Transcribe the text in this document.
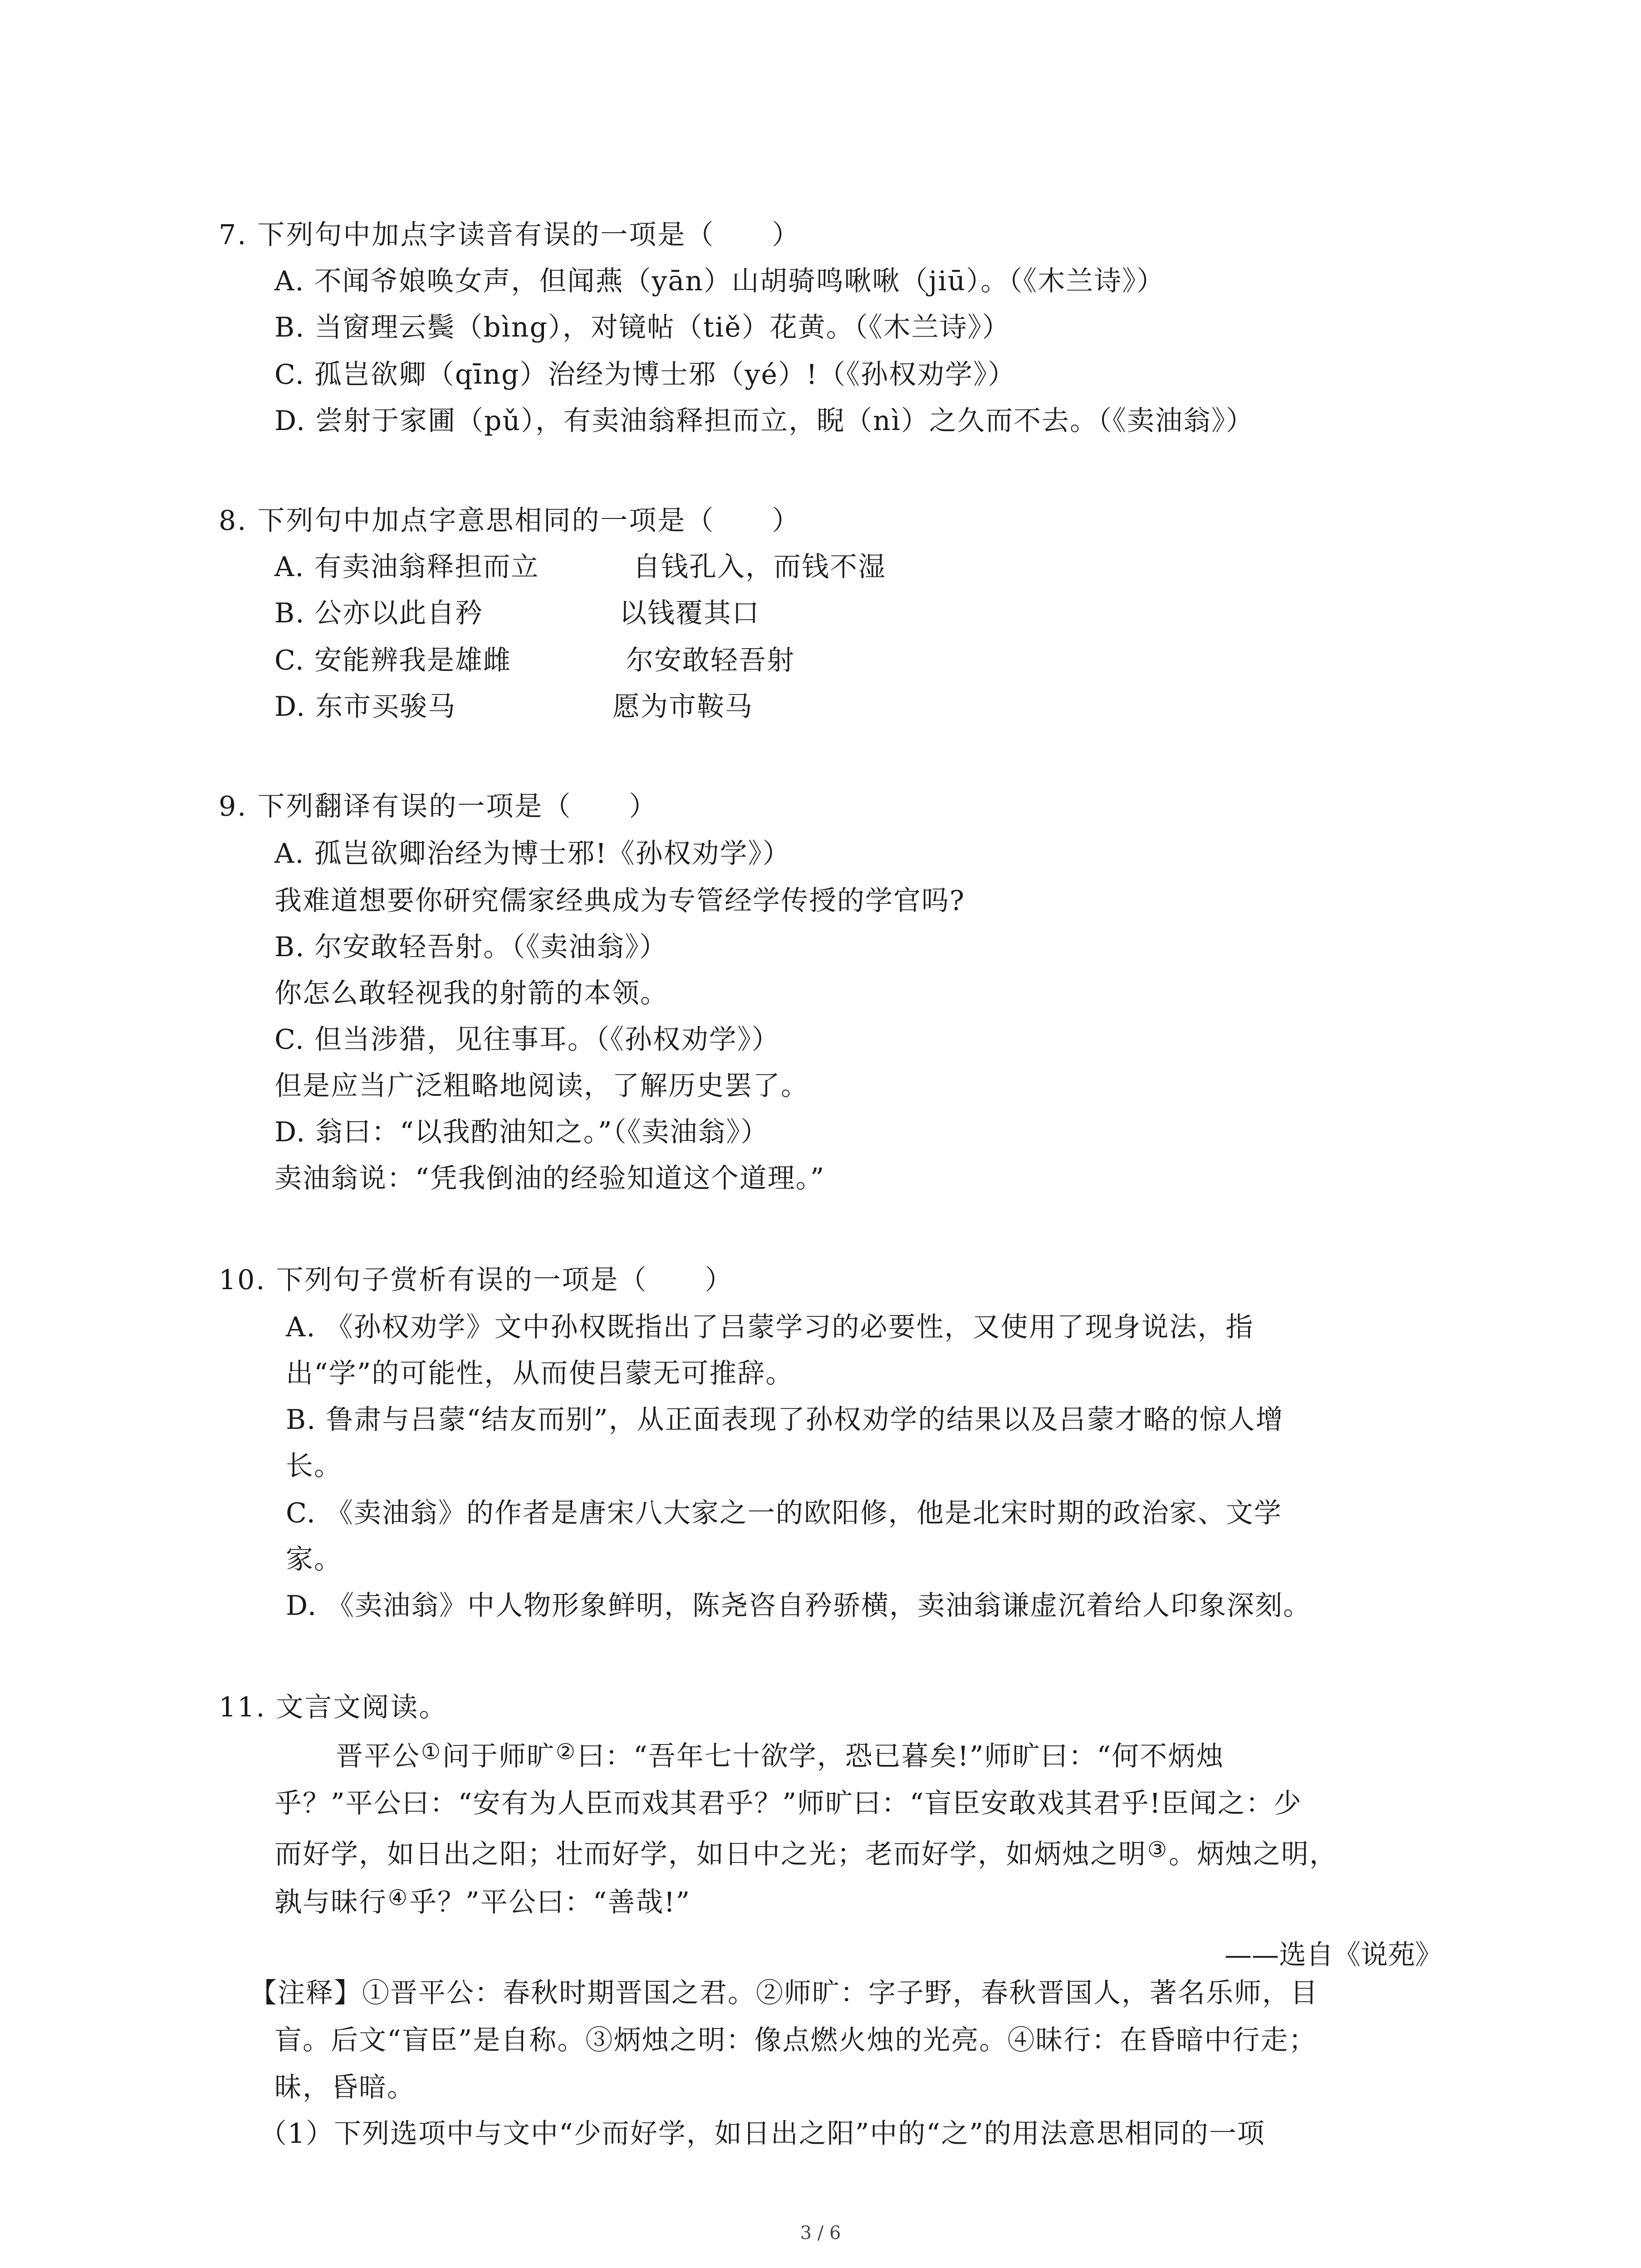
7. 下列句中加点字读音有误的一项是（　　）
A. 不闻爷娘唤女声，但闻燕（yān）山胡骑鸣啾啾（jiū）。（《木兰诗》）
B. 当窗理云鬓（bìng），对镜帖（tiě）花黄。（《木兰诗》）
C. 孤岂欲卿（qīng）治经为博士邪（yé）!（《孙权劝学》）
D. 尝射于家圃（pǔ），有卖油翁释担而立，睨（nì）之久而不去。（《卖油翁》）
8. 下列句中加点字意思相同的一项是（　　）
A. 有卖油翁释担而立	自钱孔入，而钱不湿
B. 公亦以此自矜	以钱覆其口
C. 安能辨我是雄雌	尔安敢轻吾射
D. 东市买骏马	愿为市鞍马
9. 下列翻译有误的一项是（　　）
A. 孤岂欲卿治经为博士邪!《孙权劝学》）
我难道想要你研究儒家经典成为专管经学传授的学官吗?
B. 尔安敢轻吾射。（《卖油翁》）
你怎么敢轻视我的射箭的本领。
C. 但当涉猎，见往事耳。（《孙权劝学》）
但是应当广泛粗略地阅读，了解历史罢了。
D. 翁曰：“以我酌油知之。”（《卖油翁》）
卖油翁说：“凭我倒油的经验知道这个道理。”
10. 下列句子赏析有误的一项是（　　）
A. 《孙权劝学》文中孙权既指出了吕蒙学习的必要性，又使用了现身说法，指
出“学”的可能性，从而使吕蒙无可推辞。
B. 鲁肃与吕蒙“结友而别”，从正面表现了孙权劝学的结果以及吕蒙才略的惊人增
长。
C. 《卖油翁》的作者是唐宋八大家之一的欧阳修，他是北宋时期的政治家、文学
家。
D. 《卖油翁》中人物形象鲜明，陈尧咨自矜骄横，卖油翁谦虚沉着给人印象深刻。
11. 文言文阅读。
晋平公①问于师旷②曰：“吾年七十欲学，恐已暮矣!”师旷曰：“何不炳烛
乎？”平公曰：“安有为人臣而戏其君乎？”师旷曰：“盲臣安敢戏其君乎!臣闻之：少
而好学，如日出之阳；壮而好学，如日中之光；老而好学，如炳烛之明③。炳烛之明，
孰与昧行④乎？”平公曰：“善哉!”
——选自《说苑》
【注释】①晋平公：春秋时期晋国之君。②师旷：字子野，春秋晋国人，著名乐师，目
盲。后文“盲臣”是自称。③炳烛之明：像点燃火烛的光亮。④昧行：在昏暗中行走；
昧，昏暗。
（1）下列选项中与文中“少而好学，如日出之阳”中的“之”的用法意思相同的一项
3 / 6
